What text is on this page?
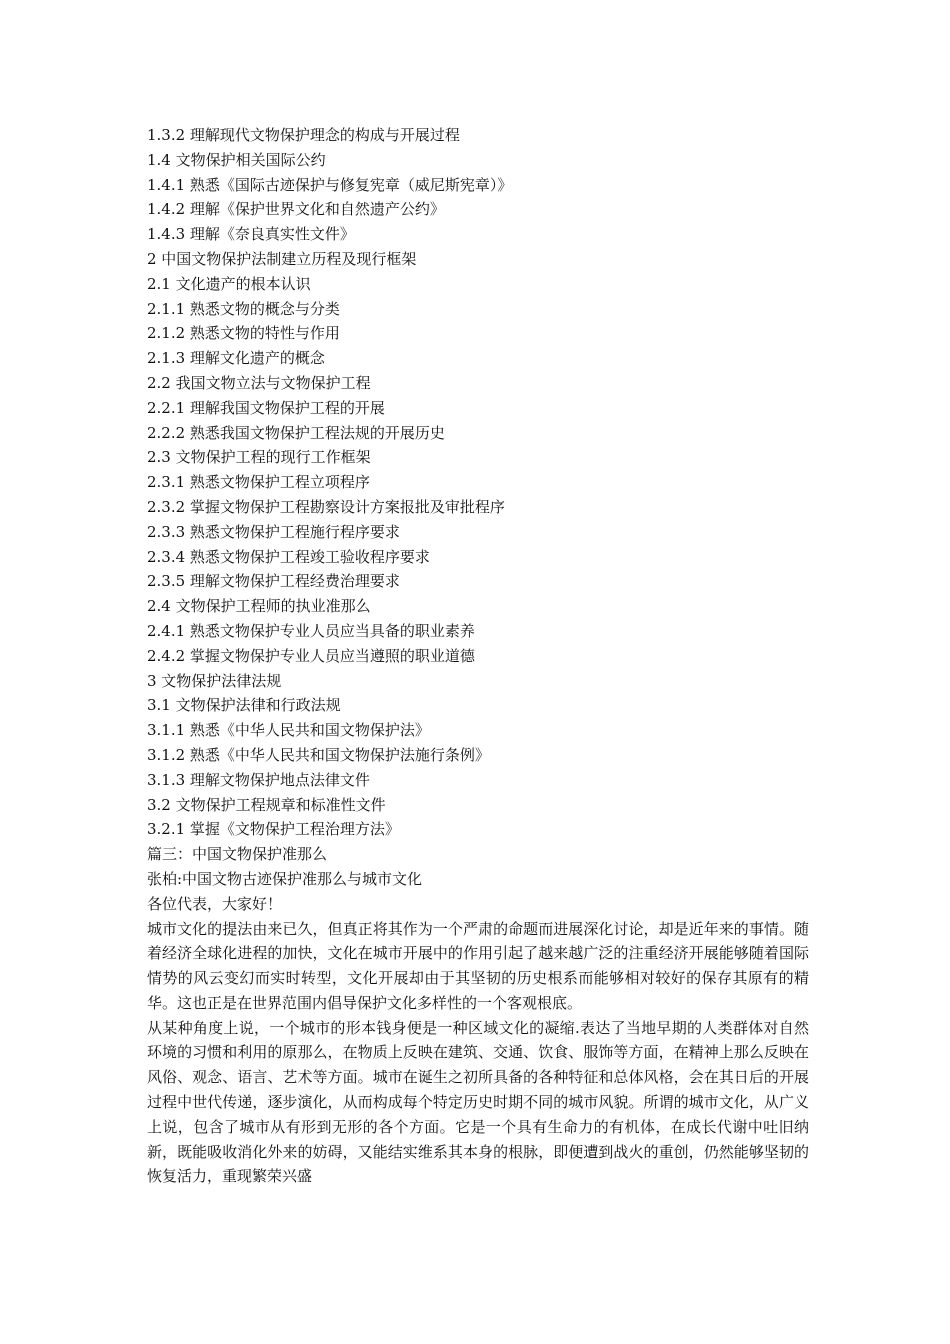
1.3.2 理解现代文物保护理念的构成与开展过程
1.4 文物保护相关国际公约
1.4.1 熟悉《国际古迹保护与修复宪章（威尼斯宪章）》
1.4.2 理解《保护世界文化和自然遗产公约》
1.4.3 理解《奈良真实性文件》
2 中国文物保护法制建立历程及现行框架
2.1 文化遗产的根本认识
2.1.1 熟悉文物的概念与分类
2.1.2 熟悉文物的特性与作用
2.1.3 理解文化遗产的概念
2.2 我国文物立法与文物保护工程
2.2.1 理解我国文物保护工程的开展
2.2.2 熟悉我国文物保护工程法规的开展历史
2.3 文物保护工程的现行工作框架
2.3.1 熟悉文物保护工程立项程序
2.3.2 掌握文物保护工程勘察设计方案报批及审批程序
2.3.3 熟悉文物保护工程施行程序要求
2.3.4 熟悉文物保护工程竣工验收程序要求
2.3.5 理解文物保护工程经费治理要求
2.4 文物保护工程师的执业准那么
2.4.1 熟悉文物保护专业人员应当具备的职业素养
2.4.2 掌握文物保护专业人员应当遵照的职业道德
3 文物保护法律法规
3.1 文物保护法律和行政法规
3.1.1 熟悉《中华人民共和国文物保护法》
3.1.2 熟悉《中华人民共和国文物保护法施行条例》
3.1.3 理解文物保护地点法律文件
3.2 文物保护工程规章和标准性文件
3.2.1 掌握《文物保护工程治理方法》
篇三：中国文物保护准那么
张柏:中国文物古迹保护准那么与城市文化
各位代表，大家好！

城市文化的提法由来已久，但真正将其作为一个严肃的命题而进展深化讨论，却是近年来的事情。随着经济全球化进程的加快，文化在城市开展中的作用引起了越来越广泛的注重经济开展能够随着国际情势的风云变幻而实时转型，文化开展却由于其坚韧的历史根系而能够相对较好的保存其原有的精华。这也正是在世界范围内倡导保护文化多样性的一个客观根底。

从某种角度上说，一个城市的形本钱身便是一种区域文化的凝缩.表达了当地早期的人类群体对自然环境的习惯和利用的原那么，在物质上反映在建筑、交通、饮食、服饰等方面，在精神上那么反映在风俗、观念、语言、艺术等方面。城市在诞生之初所具备的各种特征和总体风格，会在其日后的开展过程中世代传递，逐步演化，从而构成每个特定历史时期不同的城市风貌。所谓的城市文化，从广义上说，包含了城市从有形到无形的各个方面。它是一个具有生命力的有机体，在成长代谢中吐旧纳新，既能吸收消化外来的妨碍，又能结实维系其本身的根脉，即便遭到战火的重创，仍然能够坚韧的恢复活力，重现繁荣兴盛
